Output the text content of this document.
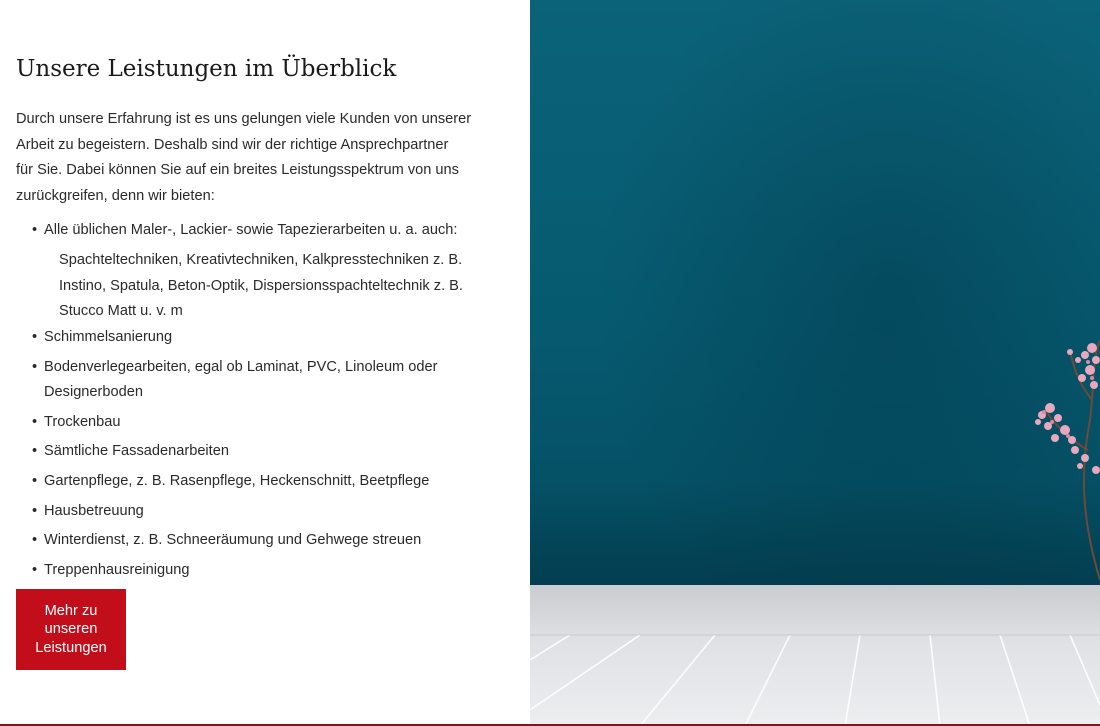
Unsere Leistungen im Überblick

Durch unsere Erfahrung ist es uns gelungen viele Kunden von unserer
Arbeit zu begeistern. Deshalb sind wir der richtige Ansprechpartner
für Sie. Dabei können Sie auf ein breites Leistungsspektrum von uns
zurückgreifen, denn wir bieten:

• Alle üblichen Maler-, Lackier- sowie Tapezierarbeiten u. a. auch:
Spachteltechniken, Kreativtechniken, Kalkpresstechniken z. B.
Instino, Spatula, Beton-Optik, Dispersionsspachteltechnik z. B.
Stucco Matt u. v. m
• Schimmelsanierung
• Bodenverlegearbeiten, egal ob Laminat, PVC, Linoleum oder
Designerboden
• Trockenbau
• Sämtliche Fassadenarbeiten
• Gartenpflege, z. B. Rasenpflege, Heckenschnitt, Beetpflege
• Hausbetreuung
• Winterdienst, z. B. Schneeräumung und Gehwege streuen
• Treppenhausreinigung
Mehr zu unseren Leistungen
